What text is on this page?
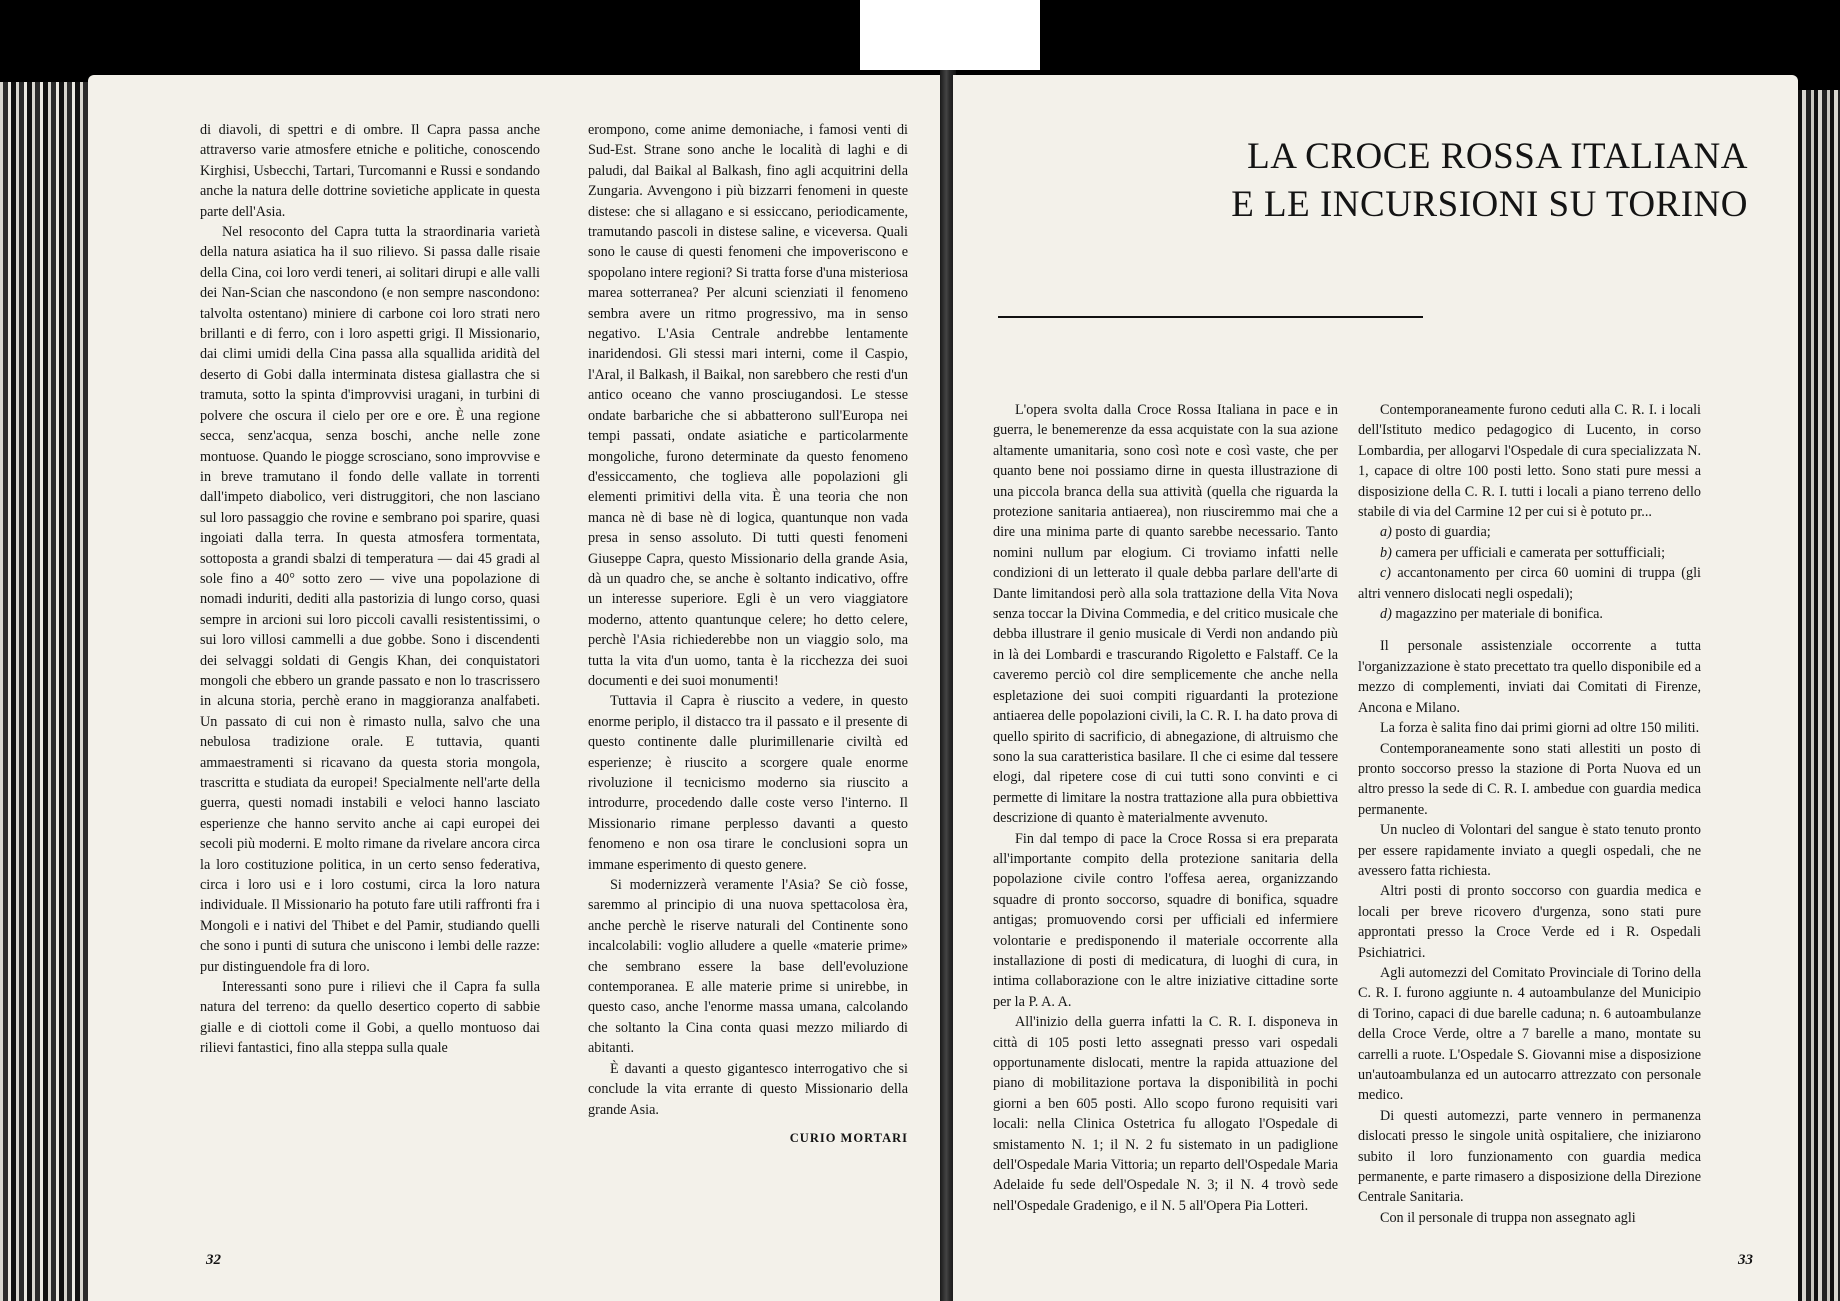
di diavoli, di spettri e di ombre. Il Capra passa anche attraverso varie atmosfere etniche e politiche, conoscendo Kirghisi, Usbecchi, Tartari, Turcomanni e Russi e sondando anche la natura delle dottrine sovietiche applicate in questa parte dell'Asia.

Nel resoconto del Capra tutta la straordinaria varietà della natura asiatica ha il suo rilievo. Si passa dalle risaie della Cina, coi loro verdi teneri, ai solitari dirupi e alle valli dei Nan-Scian che nascondono (e non sempre nascondono: talvolta ostentano) miniere di carbone coi loro strati nero brillanti e di ferro, con i loro aspetti grigi. Il Missionario, dai climi umidi della Cina passa alla squallida aridità del deserto di Gobi dalla interminata distesa giallastra che si tramuta, sotto la spinta d'improvvisi uragani, in turbini di polvere che oscura il cielo per ore e ore. È una regione secca, senz'acqua, senza boschi, anche nelle zone montuose. Quando le piogge scrosciano, sono improvvise e in breve tramutano il fondo delle vallate in torrenti dall'impeto diabolico, veri distruggitori, che non lasciano sul loro passaggio che rovine e sembrano poi sparire, quasi ingoiati dalla terra. In questa atmosfera tormentata, sottoposta a grandi sbalzi di temperatura — dai 45 gradi al sole fino a 40° sotto zero — vive una popolazione di nomadi induriti, dediti alla pastorizia di lungo corso, quasi sempre in arcioni sui loro piccoli cavalli resistentissimi, o sui loro villosi cammelli a due gobbe. Sono i discendenti dei selvaggi soldati di Gengis Khan, dei conquistatori mongoli che ebbero un grande passato e non lo trascrissero in alcuna storia, perchè erano in maggioranza analfabeti. Un passato di cui non è rimasto nulla, salvo che una nebulosa tradizione orale. E tuttavia, quanti ammaestramenti si ricavano da questa storia mongola, trascritta e studiata da europei! Specialmente nell'arte della guerra, questi nomadi instabili e veloci hanno lasciato esperienze che hanno servito anche ai capi europei dei secoli più moderni. E molto rimane da rivelare ancora circa la loro costituzione politica, in un certo senso federativa, circa i loro usi e i loro costumi, circa la loro natura individuale. Il Missionario ha potuto fare utili raffronti fra i Mongoli e i nativi del Thibet e del Pamir, studiando quelli che sono i punti di sutura che uniscono i lembi delle razze: pur distinguendole fra di loro.

Interessanti sono pure i rilievi che il Capra fa sulla natura del terreno: da quello desertico coperto di sabbie gialle e di ciottoli come il Gobi, a quello montuoso dai rilievi fantastici, fino alla steppa sulla quale

erompono, come anime demoniache, i famosi venti di Sud-Est. Strane sono anche le località di laghi e di paludi, dal Baikal al Balkash, fino agli acquitrini della Zungaria. Avvengono i più bizzarri fenomeni in queste distese: che si allagano e si essiccano, periodicamente, tramutando pascoli in distese saline, e viceversa. Quali sono le cause di questi fenomeni che impoveriscono e spopolano intere regioni? Si tratta forse d'una misteriosa marea sotterranea? Per alcuni scienziati il fenomeno sembra avere un ritmo progressivo, ma in senso negativo. L'Asia Centrale andrebbe lentamente inaridendosi. Gli stessi mari interni, come il Caspio, l'Aral, il Balkash, il Baikal, non sarebbero che resti d'un antico oceano che vanno prosciugandosi. Le stesse ondate barbariche che si abbatterono sull'Europa nei tempi passati, ondate asiatiche e particolarmente mongoliche, furono determinate da questo fenomeno d'essiccamento, che toglieva alle popolazioni gli elementi primitivi della vita. È una teoria che non manca nè di base nè di logica, quantunque non vada presa in senso assoluto. Di tutti questi fenomeni Giuseppe Capra, questo Missionario della grande Asia, dà un quadro che, se anche è soltanto indicativo, offre un interesse superiore. Egli è un vero viaggiatore moderno, attento quantunque celere; ho detto celere, perchè l'Asia richiederebbe non un viaggio solo, ma tutta la vita d'un uomo, tanta è la ricchezza dei suoi documenti e dei suoi monumenti!

Tuttavia il Capra è riuscito a vedere, in questo enorme periplo, il distacco tra il passato e il presente di questo continente dalle plurimillenarie civiltà ed esperienze; è riuscito a scorgere quale enorme rivoluzione il tecnicismo moderno sia riuscito a introdurre, procedendo dalle coste verso l'interno. Il Missionario rimane perplesso davanti a questo fenomeno e non osa tirare le conclusioni sopra un immane esperimento di questo genere.

Si modernizzerà veramente l'Asia? Se ciò fosse, saremmo al principio di una nuova spettacolosa èra, anche perchè le riserve naturali del Continente sono incalcolabili: voglio alludere a quelle «materie prime» che sembrano essere la base dell'evoluzione contemporanea. E alle materie prime si unirebbe, in questo caso, anche l'enorme massa umana, calcolando che soltanto la Cina conta quasi mezzo miliardo di abitanti.

È davanti a questo gigantesco interrogativo che si conclude la vita errante di questo Missionario della grande Asia.

CURIO MORTARI
32
LA CROCE ROSSA ITALIANA
E LE INCURSIONI SU TORINO

L'opera svolta dalla Croce Rossa Italiana in pace e in guerra, le benemerenze da essa acquistate con la sua azione altamente umanitaria, sono così note e così vaste, che per quanto bene noi possiamo dirne in questa illustrazione di una piccola branca della sua attività (quella che riguarda la protezione sanitaria antiaerea), non riusciremmo mai che a dire una minima parte di quanto sarebbe necessario. Tanto nomini nullum par elogium. Ci troviamo infatti nelle condizioni di un letterato il quale debba parlare dell'arte di Dante limitandosi però alla sola trattazione della Vita Nova senza toccar la Divina Commedia, e del critico musicale che debba illustrare il genio musicale di Verdi non andando più in là dei Lombardi e trascurando Rigoletto e Falstaff. Ce la caveremo perciò col dire semplicemente che anche nella espletazione dei suoi compiti riguardanti la protezione antiaerea delle popolazioni civili, la C. R. I. ha dato prova di quello spirito di sacrificio, di abnegazione, di altruismo che sono la sua caratteristica basilare. Il che ci esime dal tessere elogi, dal ripetere cose di cui tutti sono convinti e ci permette di limitare la nostra trattazione alla pura obbiettiva descrizione di quanto è materialmente avvenuto.

Fin dal tempo di pace la Croce Rossa si era preparata all'importante compito della protezione sanitaria della popolazione civile contro l'offesa aerea, organizzando squadre di pronto soccorso, squadre di bonifica, squadre antigas; promuovendo corsi per ufficiali ed infermiere volontarie e predisponendo il materiale occorrente alla installazione di posti di medicatura, di luoghi di cura, in intima collaborazione con le altre iniziative cittadine sorte per la P. A. A.

All'inizio della guerra infatti la C. R. I. disponeva in città di 105 posti letto assegnati presso vari ospedali opportunamente dislocati, mentre la rapida attuazione del piano di mobilitazione portava la disponibilità in pochi giorni a ben 605 posti. Allo scopo furono requisiti vari locali: nella Clinica Ostetrica fu allogato l'Ospedale di smistamento N. 1; il N. 2 fu sistemato in un padiglione dell'Ospedale Maria Vittoria; un reparto dell'Ospedale Maria Adelaide fu sede dell'Ospedale N. 3; il N. 4 trovò sede nell'Ospedale Gradenigo, e il N. 5 all'Opera Pia Lotteri.

Contemporaneamente furono ceduti alla C. R. I. i locali dell'Istituto medico pedagogico di Lucento, in corso Lombardia, per allogarvi l'Ospedale di cura specializzata N. 1, capace di oltre 100 posti letto. Sono stati pure messi a disposizione della C. R. I. tutti i locali a piano terreno dello stabile di via del Carmine 12 per cui si è potuto pr...

a) posto di guardia;

b) camera per ufficiali e camerata per sottufficiali;

c) accantonamento per circa 60 uomini di truppa (gli altri vennero dislocati negli ospedali);

d) magazzino per materiale di bonifica.

Il personale assistenziale occorrente a tutta l'organizzazione è stato precettato tra quello disponibile ed a mezzo di complementi, inviati dai Comitati di Firenze, Ancona e Milano.

La forza è salita fino dai primi giorni ad oltre 150 militi.

Contemporaneamente sono stati allestiti un posto di pronto soccorso presso la stazione di Porta Nuova ed un altro presso la sede di C. R. I. ambedue con guardia medica permanente.

Un nucleo di Volontari del sangue è stato tenuto pronto per essere rapidamente inviato a quegli ospedali, che ne avessero fatta richiesta.

Altri posti di pronto soccorso con guardia medica e locali per breve ricovero d'urgenza, sono stati pure approntati presso la Croce Verde ed i R. Ospedali Psichiatrici.

Agli automezzi del Comitato Provinciale di Torino della C. R. I. furono aggiunte n. 4 autoambulanze del Municipio di Torino, capaci di due barelle caduna; n. 6 autoambulanze della Croce Verde, oltre a 7 barelle a mano, montate su carrelli a ruote. L'Ospedale S. Giovanni mise a disposizione un'autoambulanza ed un autocarro attrezzato con personale medico.

Di questi automezzi, parte vennero in permanenza dislocati presso le singole unità ospitaliere, che iniziarono subito il loro funzionamento con guardia medica permanente, e parte rimasero a disposizione della Direzione Centrale Sanitaria.

Con il personale di truppa non assegnato agli

33
